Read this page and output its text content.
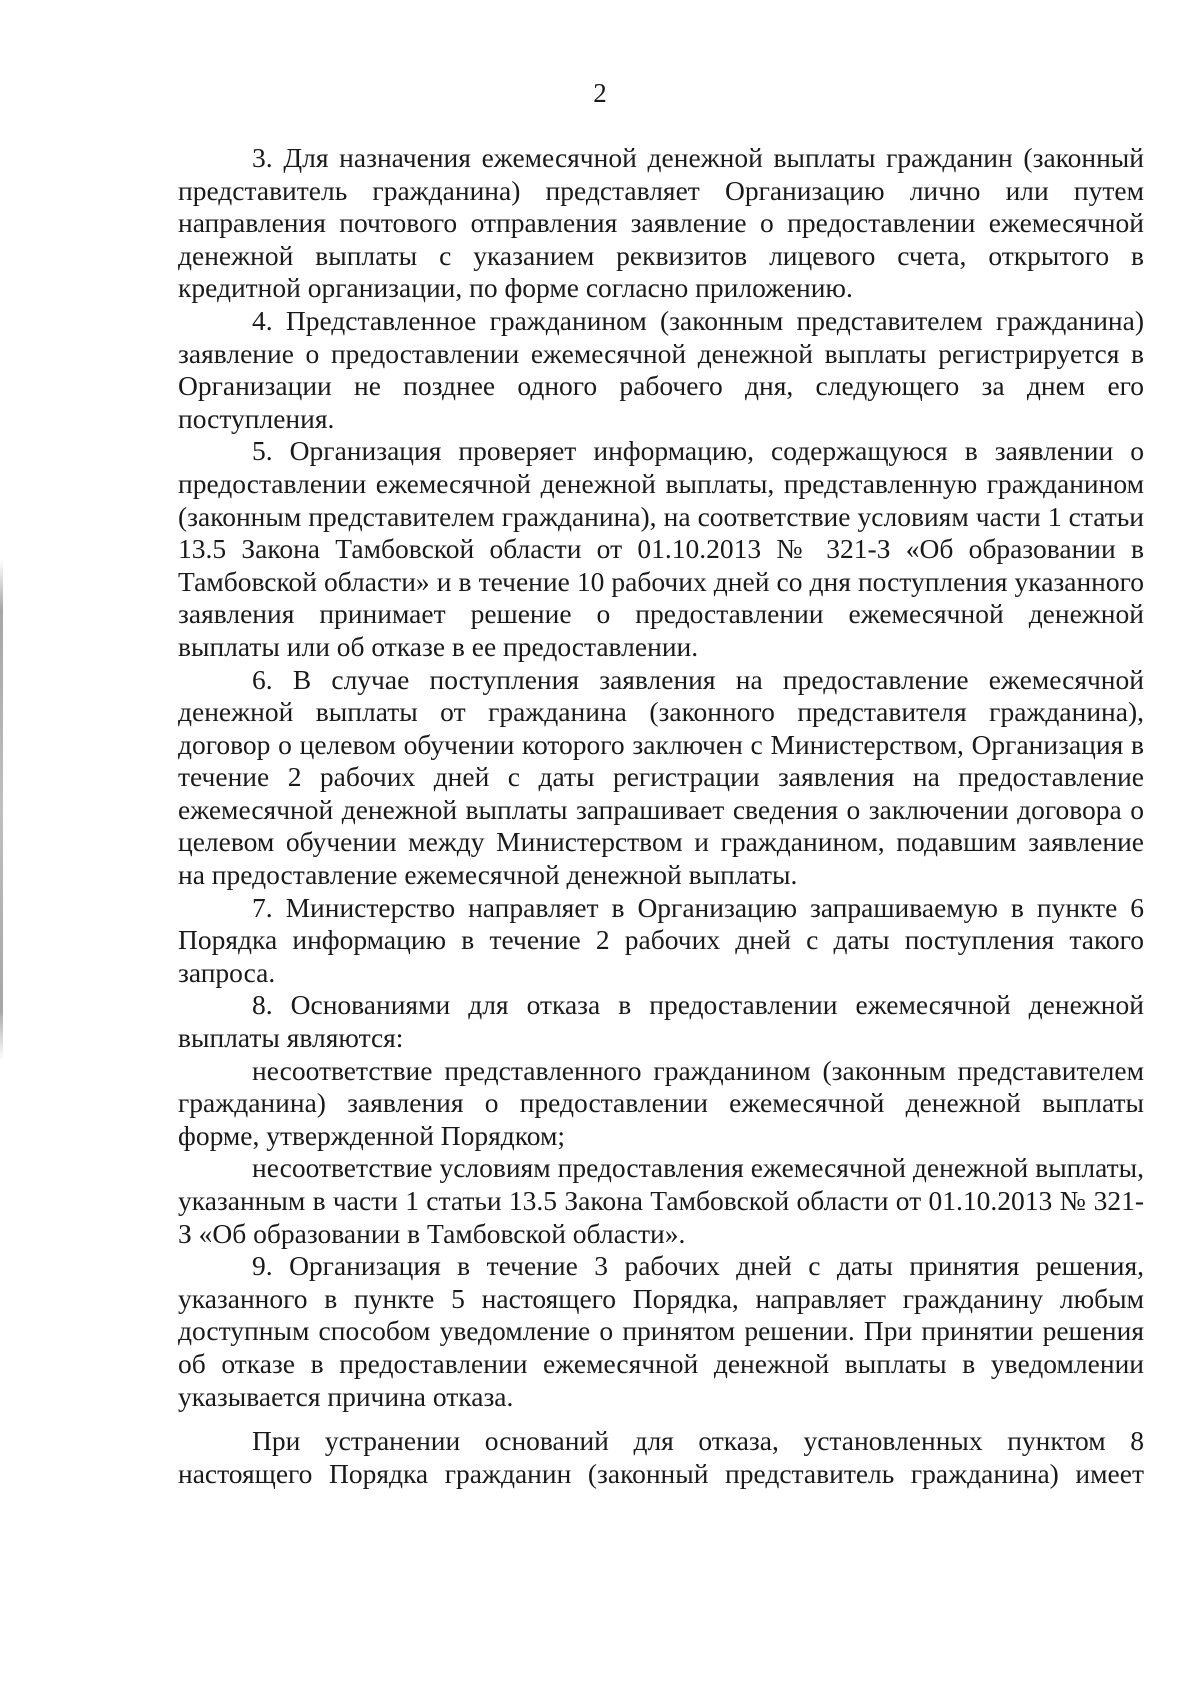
2

3. Для назначения ежемесячной денежной выплаты гражданин (законный представитель гражданина) представляет Организацию лично или путем направления почтового отправления заявление о предоставлении ежемесячной денежной выплаты с указанием реквизитов лицевого счета, открытого в кредитной организации, по форме согласно приложению.

4. Представленное гражданином (законным представителем гражданина) заявление о предоставлении ежемесячной денежной выплаты регистрируется в Организации не позднее одного рабочего дня, следующего за днем его поступления.

5. Организация проверяет информацию, содержащуюся в заявлении о предоставлении ежемесячной денежной выплаты, представленную гражданином (законным представителем гражданина), на соответствие условиям части 1 статьи 13.5 Закона Тамбовской области от 01.10.2013 № 321-З «Об образовании в Тамбовской области» и в течение 10 рабочих дней со дня поступления указанного заявления принимает решение о предоставлении ежемесячной денежной выплаты или об отказе в ее предоставлении.

6. В случае поступления заявления на предоставление ежемесячной денежной выплаты от гражданина (законного представителя гражданина), договор о целевом обучении которого заключен с Министерством, Организация в течение 2 рабочих дней с даты регистрации заявления на предоставление ежемесячной денежной выплаты запрашивает сведения о заключении договора о целевом обучении между Министерством и гражданином, подавшим заявление на предоставление ежемесячной денежной выплаты.

7. Министерство направляет в Организацию запрашиваемую в пункте 6 Порядка информацию в течение 2 рабочих дней с даты поступления такого запроса.

8. Основаниями для отказа в предоставлении ежемесячной денежной выплаты являются:

несоответствие представленного гражданином (законным представителем гражданина) заявления о предоставлении ежемесячной денежной выплаты форме, утвержденной Порядком;

несоответствие условиям предоставления ежемесячной денежной выплаты, указанным в части 1 статьи 13.5 Закона Тамбовской области от 01.10.2013 № 321-З «Об образовании в Тамбовской области».

9. Организация в течение 3 рабочих дней с даты принятия решения, указанного в пункте 5 настоящего Порядка, направляет гражданину любым доступным способом уведомление о принятом решении. При принятии решения об отказе в предоставлении ежемесячной денежной выплаты в уведомлении указывается причина отказа.

При устранении оснований для отказа, установленных пунктом 8 настоящего Порядка гражданин (законный представитель гражданина) имеет
